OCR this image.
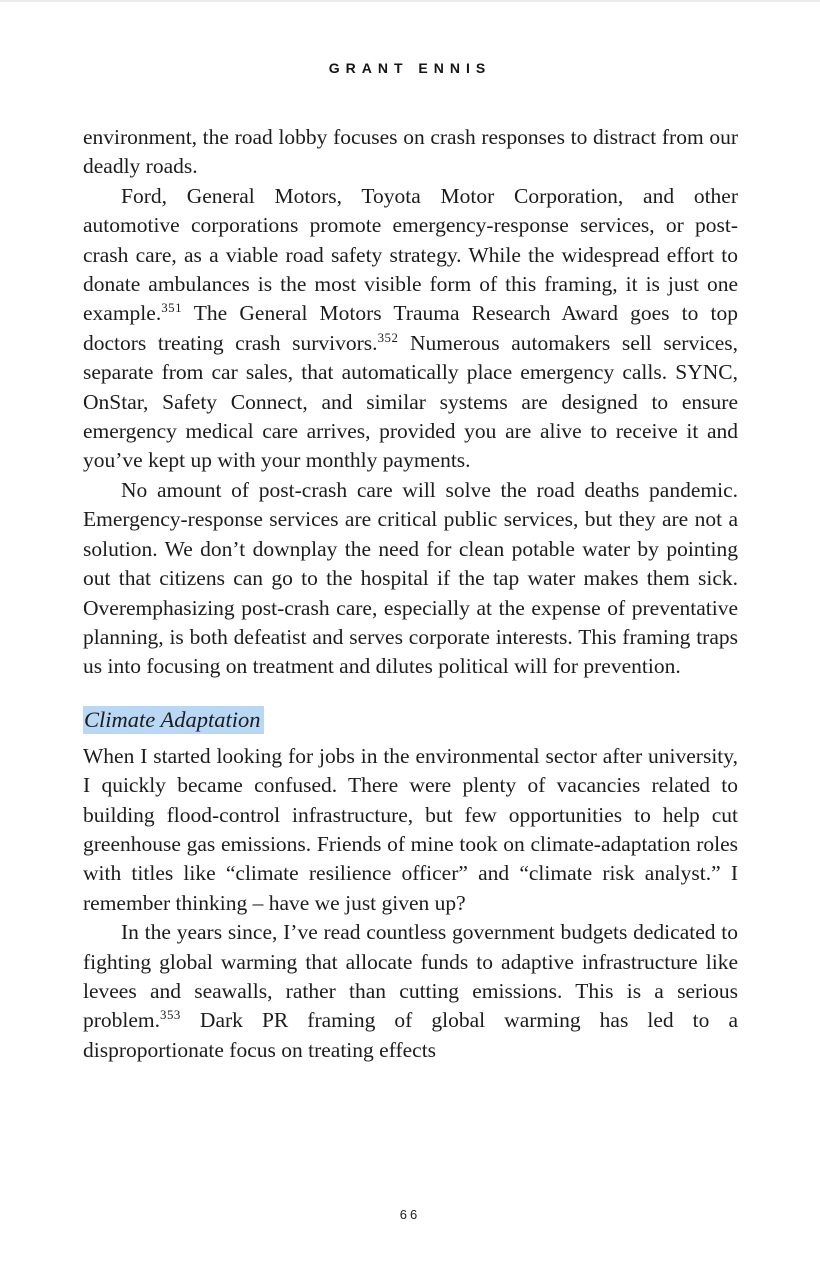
GRANT ENNIS

environment, the road lobby focuses on crash responses to distract from our deadly roads.

Ford, General Motors, Toyota Motor Corporation, and other automotive corporations promote emergency-response services, or post-crash care, as a viable road safety strategy. While the widespread effort to donate ambulances is the most visible form of this framing, it is just one example.$^{351}$ The General Motors Trauma Research Award goes to top doctors treating crash survivors.$^{352}$ Numerous automakers sell services, separate from car sales, that automatically place emergency calls. SYNC, OnStar, Safety Connect, and similar systems are designed to ensure emergency medical care arrives, provided you are alive to receive it and you’ve kept up with your monthly payments.

No amount of post-crash care will solve the road deaths pandemic. Emergency-response services are critical public services, but they are not a solution. We don’t downplay the need for clean potable water by pointing out that citizens can go to the hospital if the tap water makes them sick. Overemphasizing post-crash care, especially at the expense of preventative planning, is both defeatist and serves corporate interests. This framing traps us into focusing on treatment and dilutes political will for prevention.

Climate Adaptation

When I started looking for jobs in the environmental sector after university, I quickly became confused. There were plenty of vacancies related to building flood-control infrastructure, but few opportunities to help cut greenhouse gas emissions. Friends of mine took on climate-adaptation roles with titles like “climate resilience officer” and “climate risk analyst.” I remember thinking – have we just given up?

In the years since, I’ve read countless government budgets dedicated to fighting global warming that allocate funds to adaptive infrastructure like levees and seawalls, rather than cutting emissions. This is a serious problem.$^{353}$ Dark PR framing of global warming has led to a disproportionate focus on treating effects

66
